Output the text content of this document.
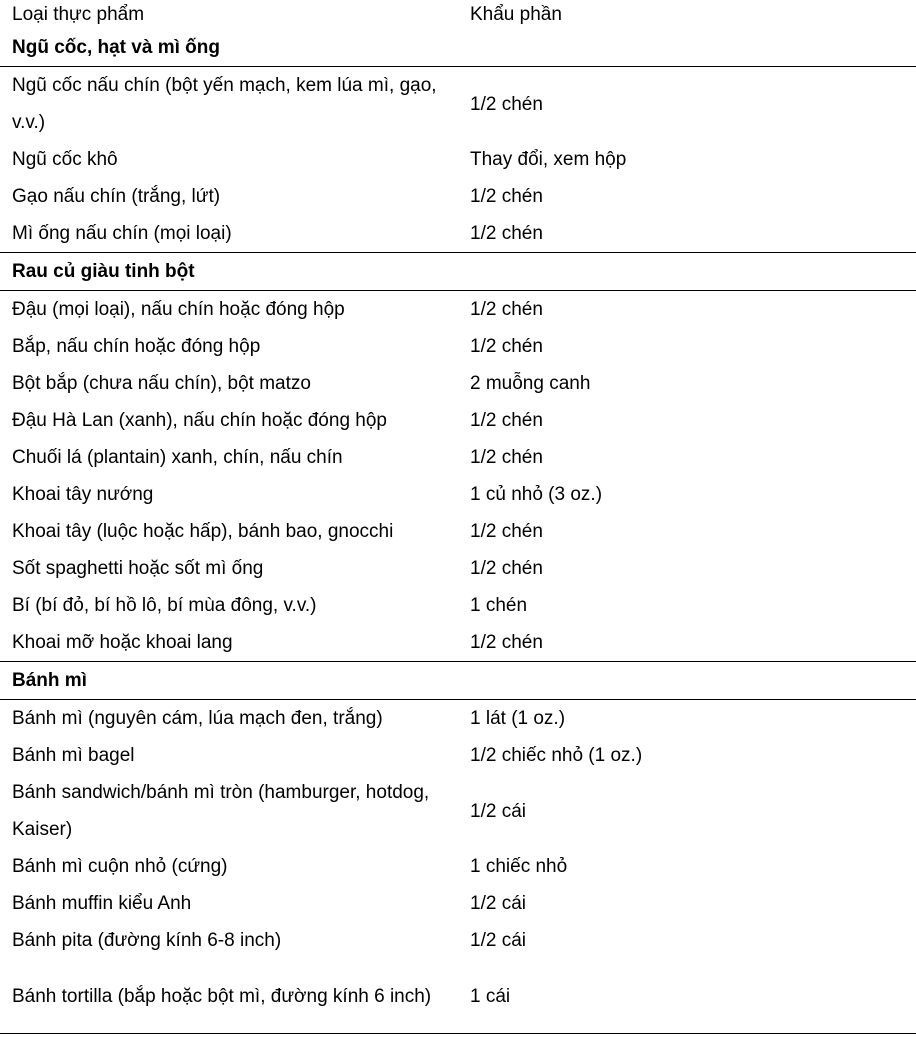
Loại thực phẩm	Khẩu phần
Ngũ cốc, hạt và mì ống	
Ngũ cốc nấu chín (bột yến mạch, kem lúa mì, gạo, v.v.)	1/2 chén
Ngũ cốc khô	Thay đổi, xem hộp
Gạo nấu chín (trắng, lứt)	1/2 chén
Mì ống nấu chín (mọi loại)	1/2 chén
Rau củ giàu tinh bột	
Đậu (mọi loại), nấu chín hoặc đóng hộp	1/2 chén
Bắp, nấu chín hoặc đóng hộp	1/2 chén
Bột bắp (chưa nấu chín), bột matzo	2 muỗng canh
Đậu Hà Lan (xanh), nấu chín hoặc đóng hộp	1/2 chén
Chuối lá (plantain) xanh, chín, nấu chín	1/2 chén
Khoai tây nướng	1 củ nhỏ (3 oz.)
Khoai tây (luộc hoặc hấp), bánh bao, gnocchi	1/2 chén
Sốt spaghetti hoặc sốt mì ống	1/2 chén
Bí (bí đỏ, bí hồ lô, bí mùa đông, v.v.)	1 chén
Khoai mỡ hoặc khoai lang	1/2 chén
Bánh mì	
Bánh mì (nguyên cám, lúa mạch đen, trắng)	1 lát (1 oz.)
Bánh mì bagel	1/2 chiếc nhỏ (1 oz.)
Bánh sandwich/bánh mì tròn (hamburger, hotdog, Kaiser)	1/2 cái
Bánh mì cuộn nhỏ (cứng)	1 chiếc nhỏ
Bánh muffin kiểu Anh	1/2 cái
Bánh pita (đường kính 6-8 inch)	1/2 cái
Bánh tortilla (bắp hoặc bột mì, đường kính 6 inch)	1 cái
